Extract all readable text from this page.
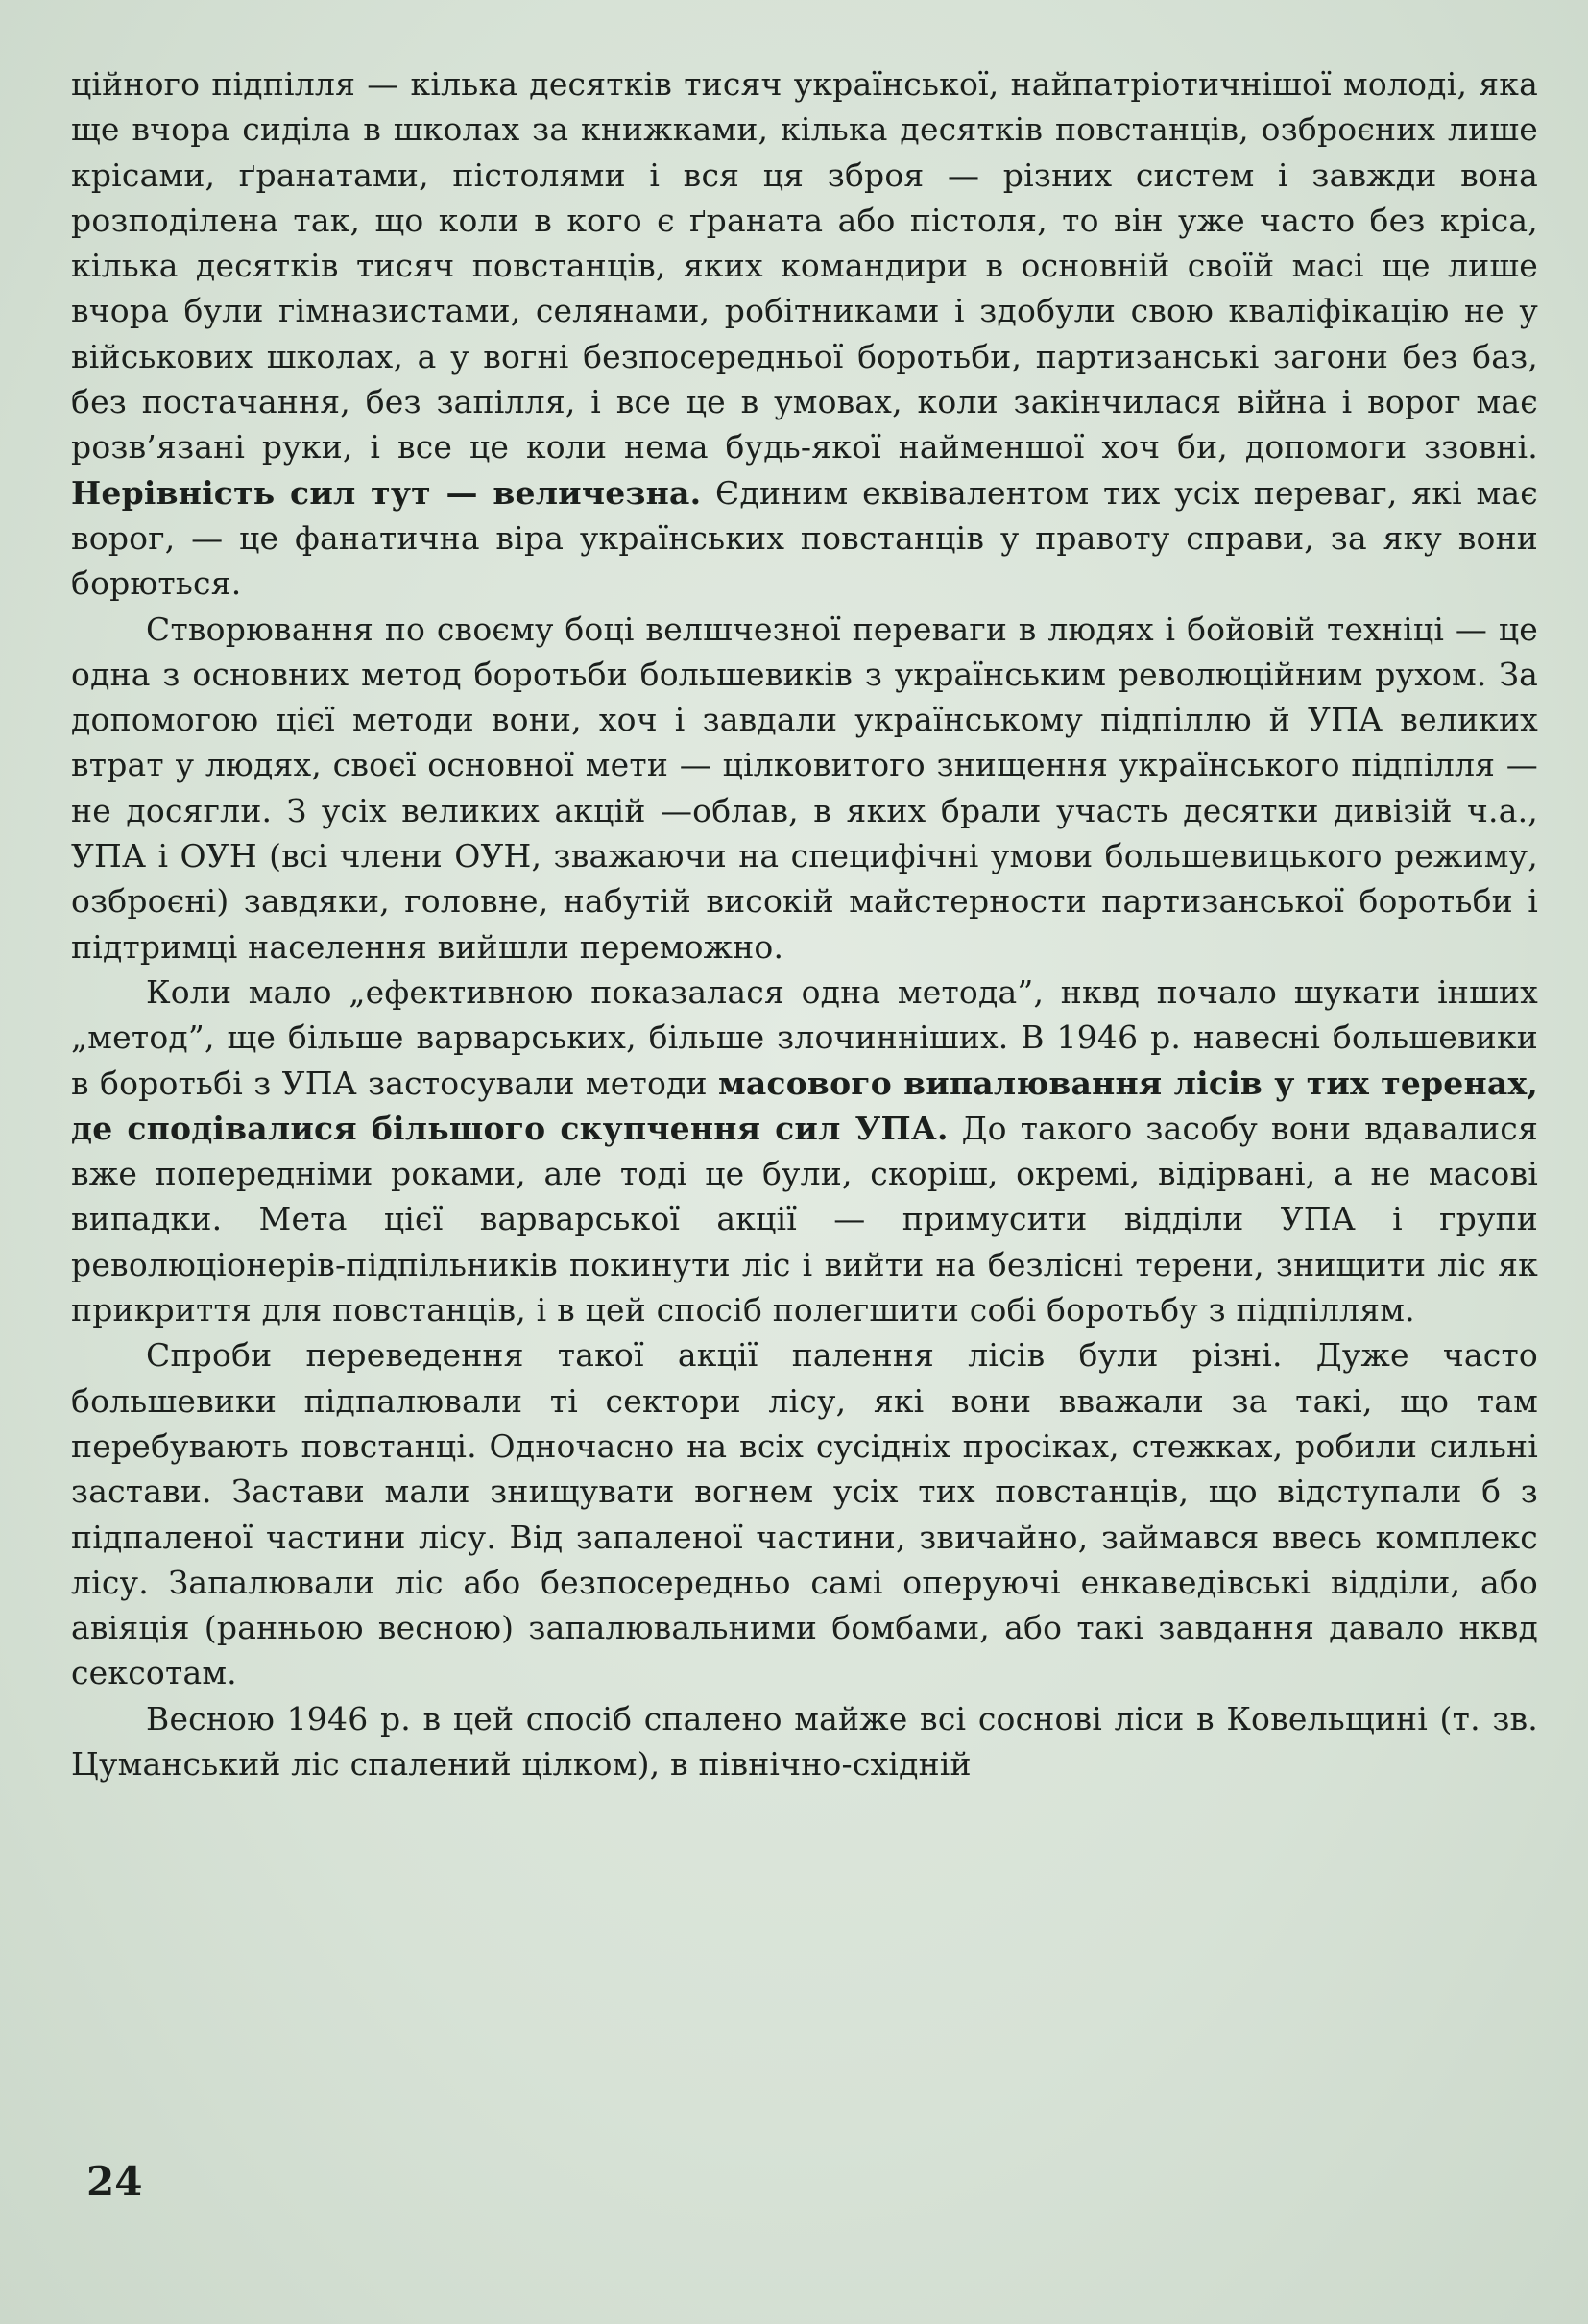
ційного підпілля — кілька десятків тисяч української, найпатріотичнішої молоді, яка ще вчора сиділа в школах за книжками, кілька десятків повстанців, озброєних лише крісами, ґранатами, пістолями і вся ця зброя — різних систем і завжди вона розподілена так, що коли в кого є ґраната або пістоля, то він уже часто без кріса, кілька десятків тисяч повстанців, яких командири в основній своїй масі ще лише вчора були гімназистами, селянами, робітниками і здобули свою кваліфікацію не у військових школах, а у вогні безпосередньої боротьби, партизанські загони без баз, без постачання, без запілля, і все це в умовах, коли закінчилася війна і ворог має розв’язані руки, і все це коли нема будь-якої найменшої хоч би, допомоги ззовні. Нерівність сил тут — величезна. Єдиним еквівалентом тих усіх переваг, які має ворог, — це фанатична віра українських повстанців у правоту справи, за яку вони борються.

Створювання по своєму боці велшчезної переваги в людях і бойовій техніці — це одна з основних метод боротьби большевиків з українським революційним рухом. За допомогою цієї методи вони, хоч і завдали українському підпіллю й УПА великих втрат у людях, своєї основної мети — цілковитого знищення українського підпілля — не досягли. З усіх великих акцій —облав, в яких брали участь десятки дивізій ч.а., УПА і ОУН (всі члени ОУН, зважаючи на специфічні умови большевицького режиму, озброєні) завдяки, головне, набутій високій майстерности партизанської боротьби і підтримці населення вийшли переможно.

Коли мало „ефективною показалася одна метода”, нквд почало шукати інших „метод”, ще більше варварських, більше злочинніших. В 1946 р. навесні большевики в боротьбі з УПА застосували методи масового випалювання лісів у тих теренах, де сподівалися більшого скупчення сил УПА. До такого засобу вони вдавалися вже попередніми роками, але тоді це були, скоріш, окремі, відірвані, а не масові випадки. Мета цієї варварської акції — примусити відділи УПА і групи революціонерів-підпільників покинути ліс і вийти на безлісні терени, знищити ліс як прикриття для повстанців, і в цей спосіб полегшити собі боротьбу з підпіллям.

Спроби переведення такої акції палення лісів були різні. Дуже часто большевики підпалювали ті сектори лісу, які вони вважали за такі, що там перебувають повстанці. Одночасно на всіх сусідніх просіках, стежках, робили сильні застави. Застави мали знищувати вогнем усіх тих повстанців, що відступали б з підпаленої частини лісу. Від запаленої частини, звичайно, займався ввесь комплекс лісу. Запалювали ліс або безпосередньо самі оперуючі енкаведівські відділи, або авіяція (ранньою весною) запалювальними бомбами, або такі завдання давало нквд сексотам.

Весною 1946 р. в цей спосіб спалено майже всі соснові ліси в Ковельщині (т. зв. Цуманський ліс спалений цілком), в північно-східній

24
